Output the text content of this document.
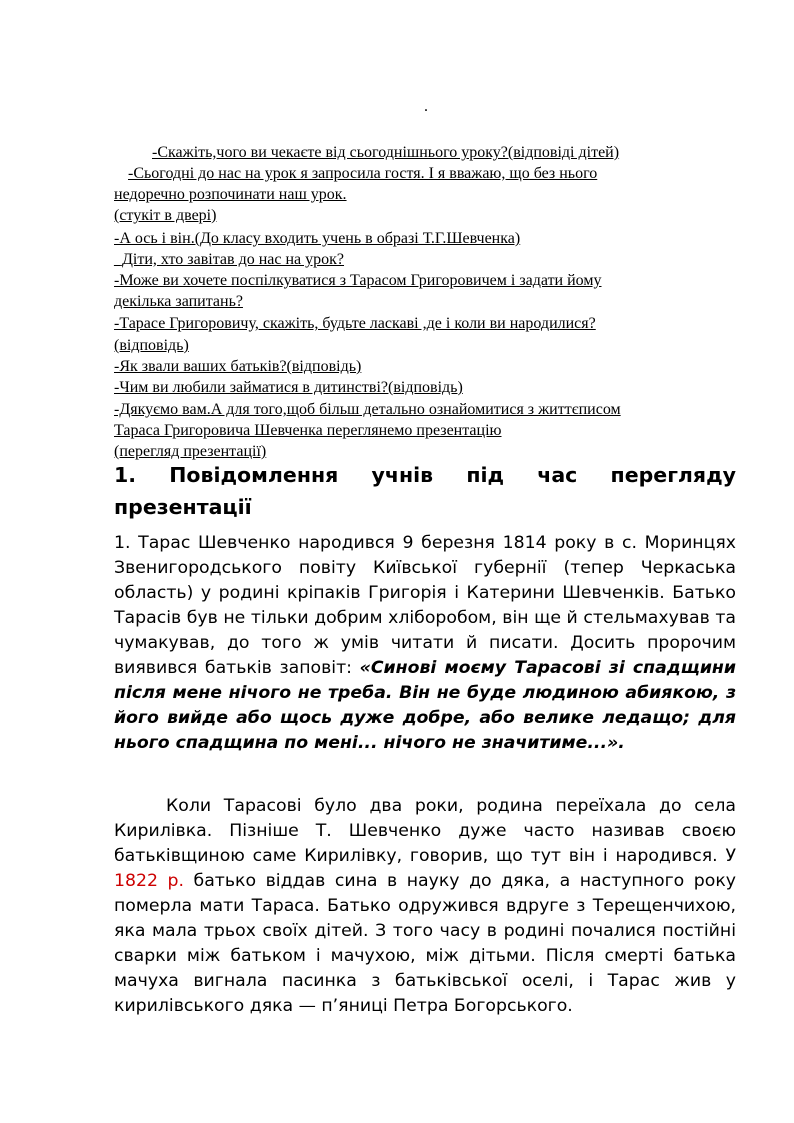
.
-Скажіть,чого ви чекаєте від сьогоднішнього уроку?(відповіді дітей)
-Сьогодні до нас на урок я запросила гостя. І я вважаю, що без нього
недоречно розпочинати наш урок.
(стукіт в двері)
-А ось і він.(До класу входить учень в образі Т.Г.Шевченка)
_Діти, хто завітав до нас на урок?
-Може ви хочете поспілкуватися з Тарасом Григоровичем і задати йому
декілька запитань?
-Тарасе Григоровичу, скажіть, будьте ласкаві ,де і коли ви народилися?
(відповідь)
-Як звали ваших батьків?(відповідь)
-Чим ви любили займатися в дитинстві?(відповідь)
-Дякуємо вам.А для того,щоб більш детально ознайомитися з життєписом
Тараса Григоровича Шевченка переглянемо презентацію
(перегляд презентації)
1. Повідомлення учнів під час перегляду
презентації
1. Тарас Шевченко народився 9 березня 1814 року в с. Моринцях Звенигородського повіту Київської губернії (тепер Черкаська область) у родині кріпаків Григорія і Катерини Шевченків. Батько Тарасів був не тільки добрим хліборобом, він ще й стельмахував та чумакував, до того ж умів читати й писати. Досить пророчим виявився батьків заповіт: «Синові моєму Тарасові зі спадщини після мене нічого не треба. Він не буде людиною абиякою, з його вийде або щось дуже добре, або велике ледащо; для нього спадщина по мені... нічого не значитиме...».
Коли Тарасові було два роки, родина переїхала до села Кирилівка. Пізніше Т. Шевченко дуже часто називав своєю батьківщиною саме Кирилівку, говорив, що тут він і народився. У 1822 р. батько віддав сина в науку до дяка, а наступного року померла мати Тараса. Батько одружився вдруге з Терещенчихою, яка мала трьох своїх дітей. З того часу в родині почалися постійні сварки між батьком і мачухою, між дітьми. Після смерті батька мачуха вигнала пасинка з батьківської оселі, і Тарас жив у кирилівського дяка — п’яниці Петра Богорського.
